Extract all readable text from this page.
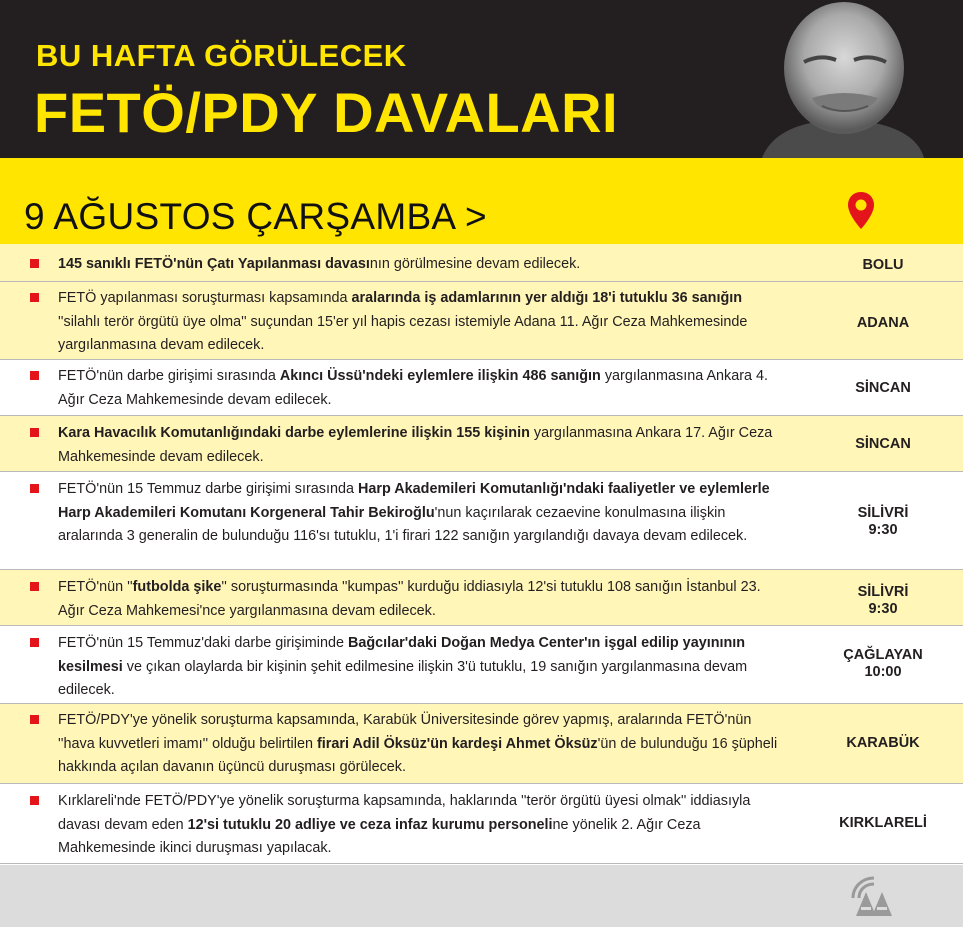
BU HAFTA GÖRÜLECEK
FETÖ/PDY DAVALARI
9 AĞUSTOS ÇARŞAMBA >
145 sanıklı FETÖ'nün Çatı Yapılanması davasının görülmesine devam edilecek.	BOLU
FETÖ yapılanması soruşturması kapsamında aralarında iş adamlarının yer aldığı 18'i tutuklu 36 sanığın ''silahlı terör örgütü üye olma'' suçundan 15'er yıl hapis cezası istemiyle Adana 11. Ağır Ceza Mahkemesinde yargılanmasına devam edilecek.
ADANA
FETÖ'nün darbe girişimi sırasında Akıncı Üssü'ndeki eylemlere ilişkin 486 sanığın yargılanmasına Ankara 4. Ağır Ceza Mahkemesinde devam edilecek.
SİNCAN
Kara Havacılık Komutanlığındaki darbe eylemlerine ilişkin 155 kişinin yargılanmasına Ankara 17. Ağır Ceza Mahkemesinde devam edilecek.
SİNCAN
FETÖ'nün 15 Temmuz darbe girişimi sırasında Harp Akademileri Komutanlığı'ndaki faaliyetler ve eylemlerle Harp Akademileri Komutanı Korgeneral Tahir Bekiroğlu'nun kaçırılarak cezaevine konulmasına ilişkin aralarında 3 generalin de bulunduğu 116'sı tutuklu, 1'i firari 122 sanığın yargılandığı davaya devam edilecek.
SİLİVRİ
9:30
FETÖ'nün ''futbolda şike'' soruşturmasında ''kumpas'' kurduğu iddiasıyla 12'si tutuklu 108 sanığın İstanbul 23. Ağır Ceza Mahkemesi'nce yargılanmasına devam edilecek.
SİLİVRİ
9:30
FETÖ'nün 15 Temmuz'daki darbe girişiminde Bağcılar'daki Doğan Medya Center'ın işgal edilip yayınının kesilmesi ve çıkan olaylarda bir kişinin şehit edilmesine ilişkin 3'ü tutuklu, 19 sanığın yargılanmasına devam edilecek.
ÇAĞLAYAN
10:00
FETÖ/PDY'ye yönelik soruşturma kapsamında, Karabük Üniversitesinde görev yapmış, aralarında FETÖ'nün ''hava kuvvetleri imamı'' olduğu belirtilen firari Adil Öksüz'ün kardeşi Ahmet Öksüz'ün de bulunduğu 16 şüpheli hakkında açılan davanın üçüncü duruşması görülecek.
KARABÜK
Kırklareli'nde FETÖ/PDY'ye yönelik soruşturma kapsamında, haklarında ''terör örgütü üyesi olmak'' iddiasıyla davası devam eden 12'si tutuklu 20 adliye ve ceza infaz kurumu personeline yönelik 2. Ağır Ceza Mahkemesinde ikinci duruşması yapılacak.
KIRKLARELİ
